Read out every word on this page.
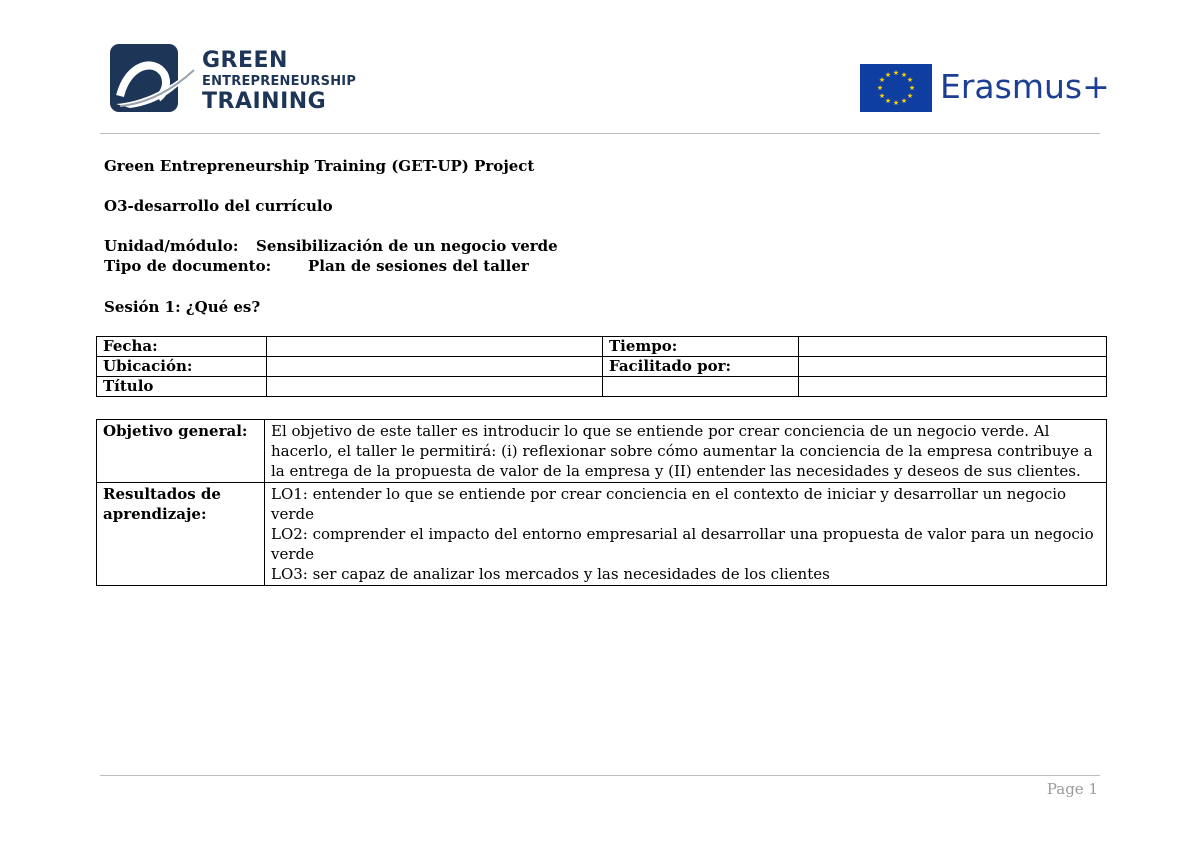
GREEN
ENTREPRENEURSHIP
TRAINING
★ ★
★
★
★
★
★
★
★
★
★
★ Erasmus+
Green Entrepreneurship Training (GET-UP) Project
O3-desarrollo del currículo
Unidad/módulo: Sensibilización de un negocio verde
Tipo de documento: Plan de sesiones del taller
Sesión 1: ¿Qué es?
Fecha:		Tiempo:	
Ubicación:		Facilitado por:	
Título			
Objetivo general:	El objetivo de este taller es introducir lo que se entiende por crear conciencia de un negocio verde. Al hacerlo, el taller le permitirá: (i) reflexionar sobre cómo aumentar la conciencia de la empresa contribuye a la entrega de la propuesta de valor de la empresa y (II) entender las necesidades y deseos de sus clientes.
Resultados de aprendizaje:	LO1: entender lo que se entiende por crear conciencia en el contexto de iniciar y desarrollar un negocio verde
LO2: comprender el impacto del entorno empresarial al desarrollar una propuesta de valor para un negocio verde
LO3: ser capaz de analizar los mercados y las necesidades de los clientes
Page 1
